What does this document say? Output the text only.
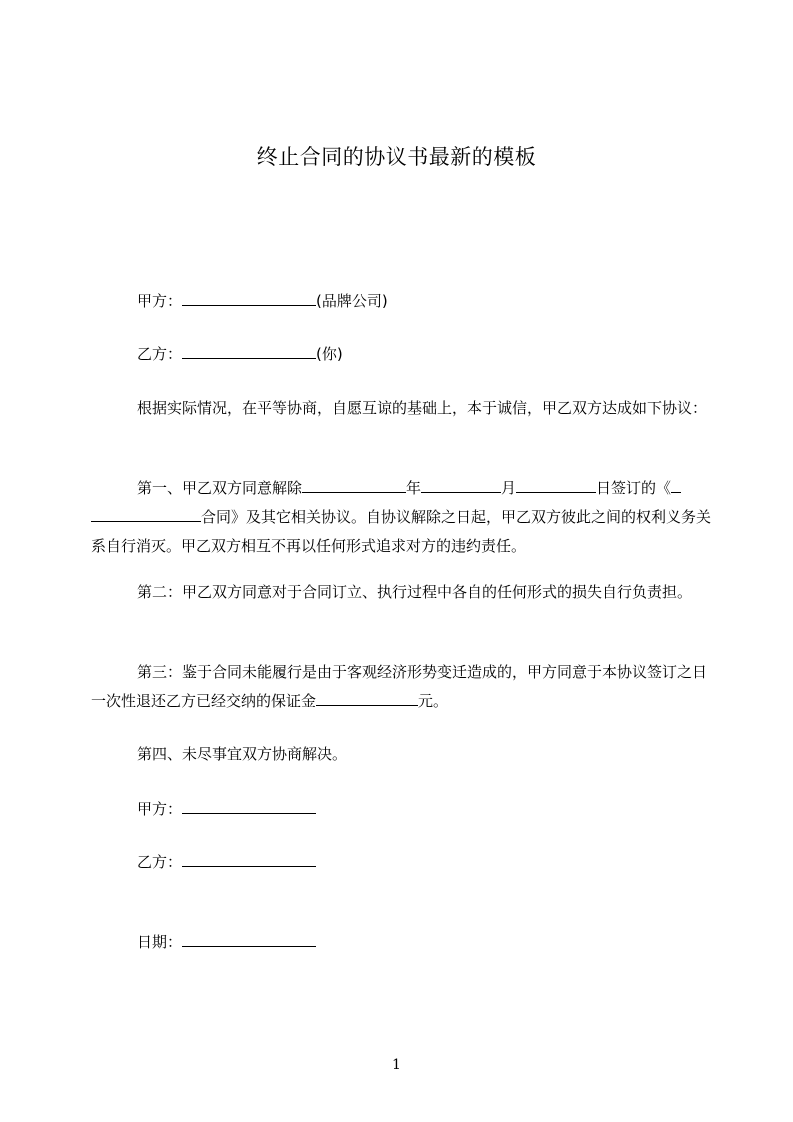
终止合同的协议书最新的模板
甲方：	(品牌公司)
乙方：	(你)
根据实际情况，在平等协商，自愿互谅的基础上，本于诚信，甲乙双方达成如下协议：
第一、甲乙双方同意解除	年	月	日签订的《合同》及其它相关协议。自协议解除之日起，甲乙双方彼此之间的权利义务关系自行消灭。甲乙双方相互不再以任何形式追求对方的违约责任。
第二：甲乙双方同意对于合同订立、执行过程中各自的任何形式的损失自行负责担。
第三：鉴于合同未能履行是由于客观经济形势变迁造成的，甲方同意于本协议签订之日一次性退还乙方已经交纳的保证金	元。
第四、未尽事宜双方协商解决。
甲方：
乙方：
日期：
1
